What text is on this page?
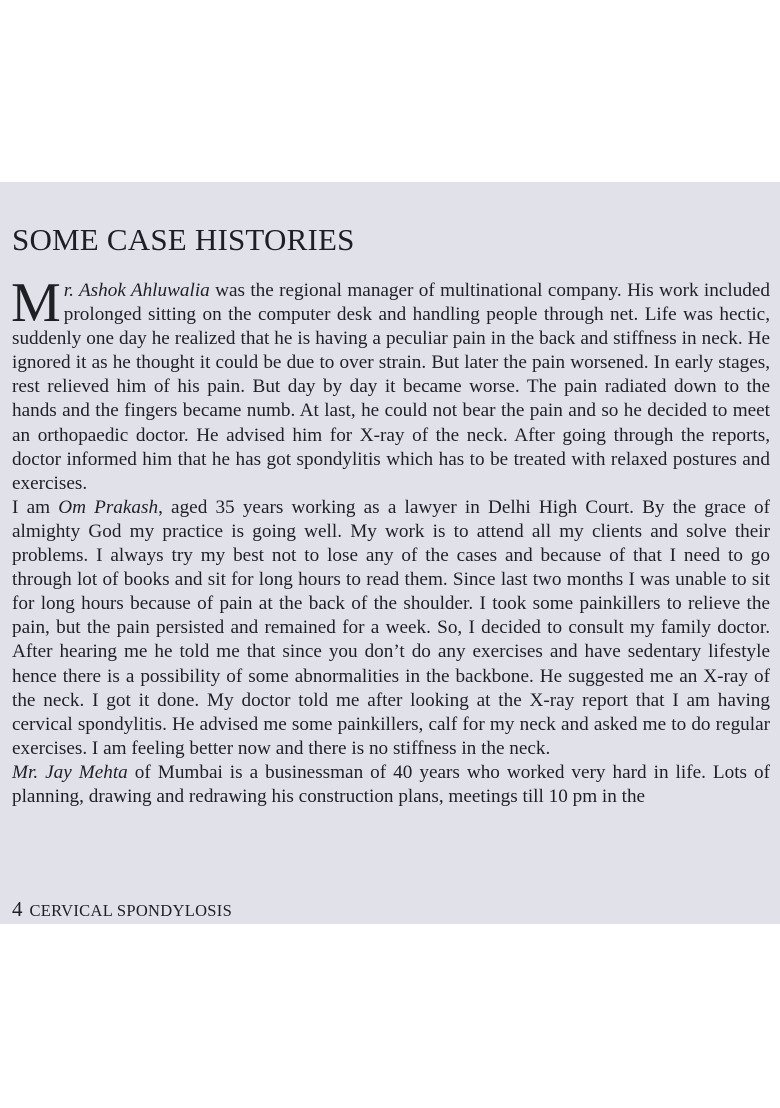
SOME CASE HISTORIES

Mr. Ashok Ahluwalia was the regional manager of multinational company. His work included prolonged sitting on the computer desk and handling people through net. Life was hectic, suddenly one day he realized that he is having a peculiar pain in the back and stiffness in neck. He ignored it as he thought it could be due to over strain. But later the pain worsened. In early stages, rest relieved him of his pain. But day by day it became worse. The pain radiated down to the hands and the fingers became numb. At last, he could not bear the pain and so he decided to meet an orthopaedic doctor. He advised him for X-ray of the neck. After going through the reports, doctor informed him that he has got spondylitis which has to be treated with relaxed postures and exercises.

I am Om Prakash, aged 35 years working as a lawyer in Delhi High Court. By the grace of almighty God my practice is going well. My work is to attend all my clients and solve their problems. I always try my best not to lose any of the cases and because of that I need to go through lot of books and sit for long hours to read them. Since last two months I was unable to sit for long hours because of pain at the back of the shoulder. I took some painkillers to relieve the pain, but the pain persisted and remained for a week. So, I decided to consult my family doctor. After hearing me he told me that since you don’t do any exercises and have sedentary lifestyle hence there is a possibility of some abnormalities in the backbone. He suggested me an X-ray of the neck. I got it done. My doctor told me after looking at the X-ray report that I am having cervical spondylitis. He advised me some painkillers, calf for my neck and asked me to do regular exercises. I am feeling better now and there is no stiffness in the neck.

Mr. Jay Mehta of Mumbai is a businessman of 40 years who worked very hard in life. Lots of planning, drawing and redrawing his construction plans, meetings till 10 pm in the

4 CERVICAL SPONDYLOSIS
